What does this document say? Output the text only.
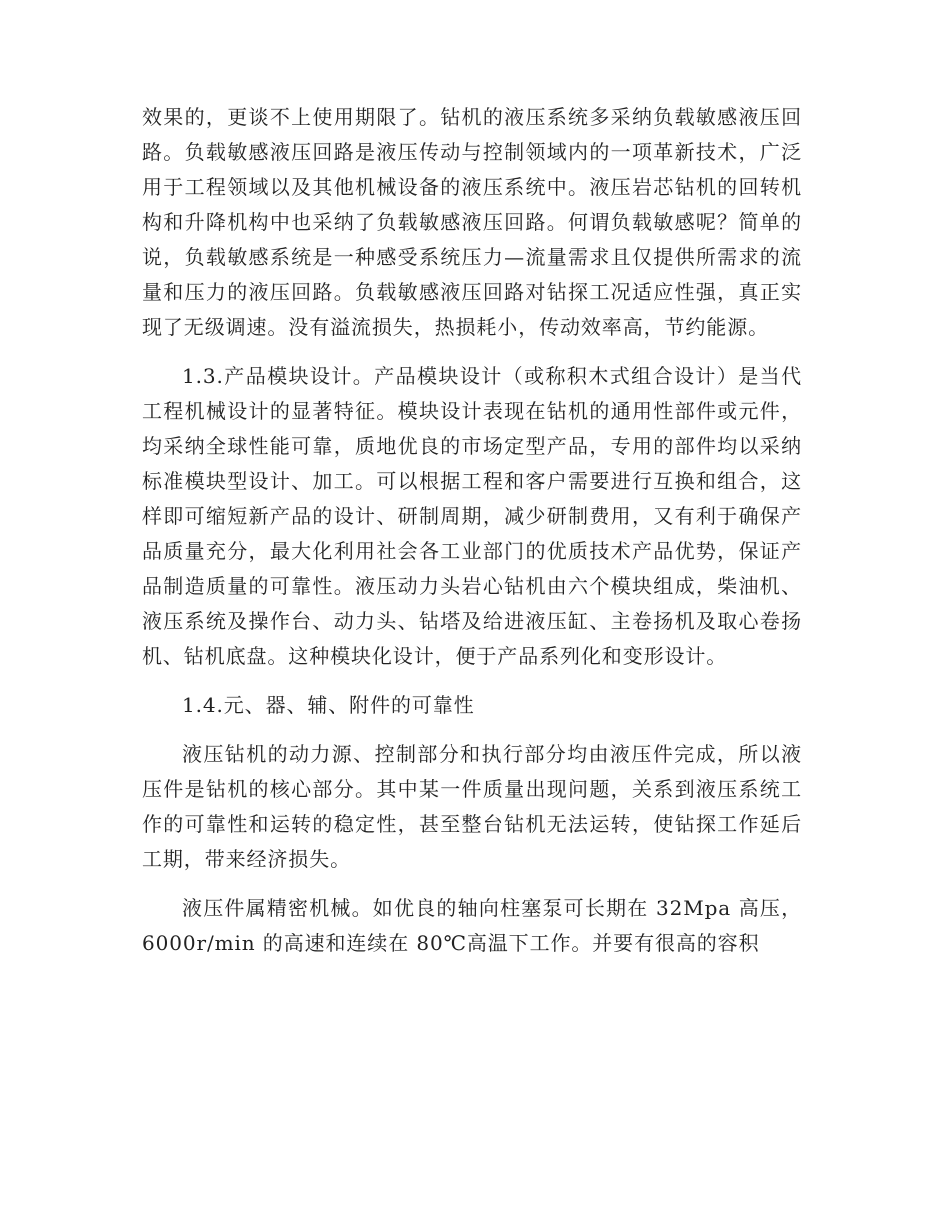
效果的，更谈不上使用期限了。钻机的液压系统多采纳负载敏感液压回路。负载敏感液压回路是液压传动与控制领域内的一项革新技术，广泛用于工程领域以及其他机械设备的液压系统中。液压岩芯钻机的回转机构和升降机构中也采纳了负载敏感液压回路。何谓负载敏感呢？简单的说，负载敏感系统是一种感受系统压力—流量需求且仅提供所需求的流量和压力的液压回路。负载敏感液压回路对钻探工况适应性强，真正实现了无级调速。没有溢流损失，热损耗小，传动效率高，节约能源。

1.3.产品模块设计。产品模块设计（或称积木式组合设计）是当代工程机械设计的显著特征。模块设计表现在钻机的通用性部件或元件，均采纳全球性能可靠，质地优良的市场定型产品，专用的部件均以采纳标准模块型设计、加工。可以根据工程和客户需要进行互换和组合，这样即可缩短新产品的设计、研制周期，减少研制费用，又有利于确保产品质量充分，最大化利用社会各工业部门的优质技术产品优势，保证产品制造质量的可靠性。液压动力头岩心钻机由六个模块组成，柴油机、液压系统及操作台、动力头、钻塔及给进液压缸、主卷扬机及取心卷扬机、钻机底盘。这种模块化设计，便于产品系列化和变形设计。

1.4.元、器、辅、附件的可靠性

液压钻机的动力源、控制部分和执行部分均由液压件完成，所以液压件是钻机的核心部分。其中某一件质量出现问题，关系到液压系统工作的可靠性和运转的稳定性，甚至整台钻机无法运转，使钻探工作延后工期，带来经济损失。

液压件属精密机械。如优良的轴向柱塞泵可长期在 32Mpa 高压，6000r/min 的高速和连续在 80℃高温下工作。并要有很高的容积
